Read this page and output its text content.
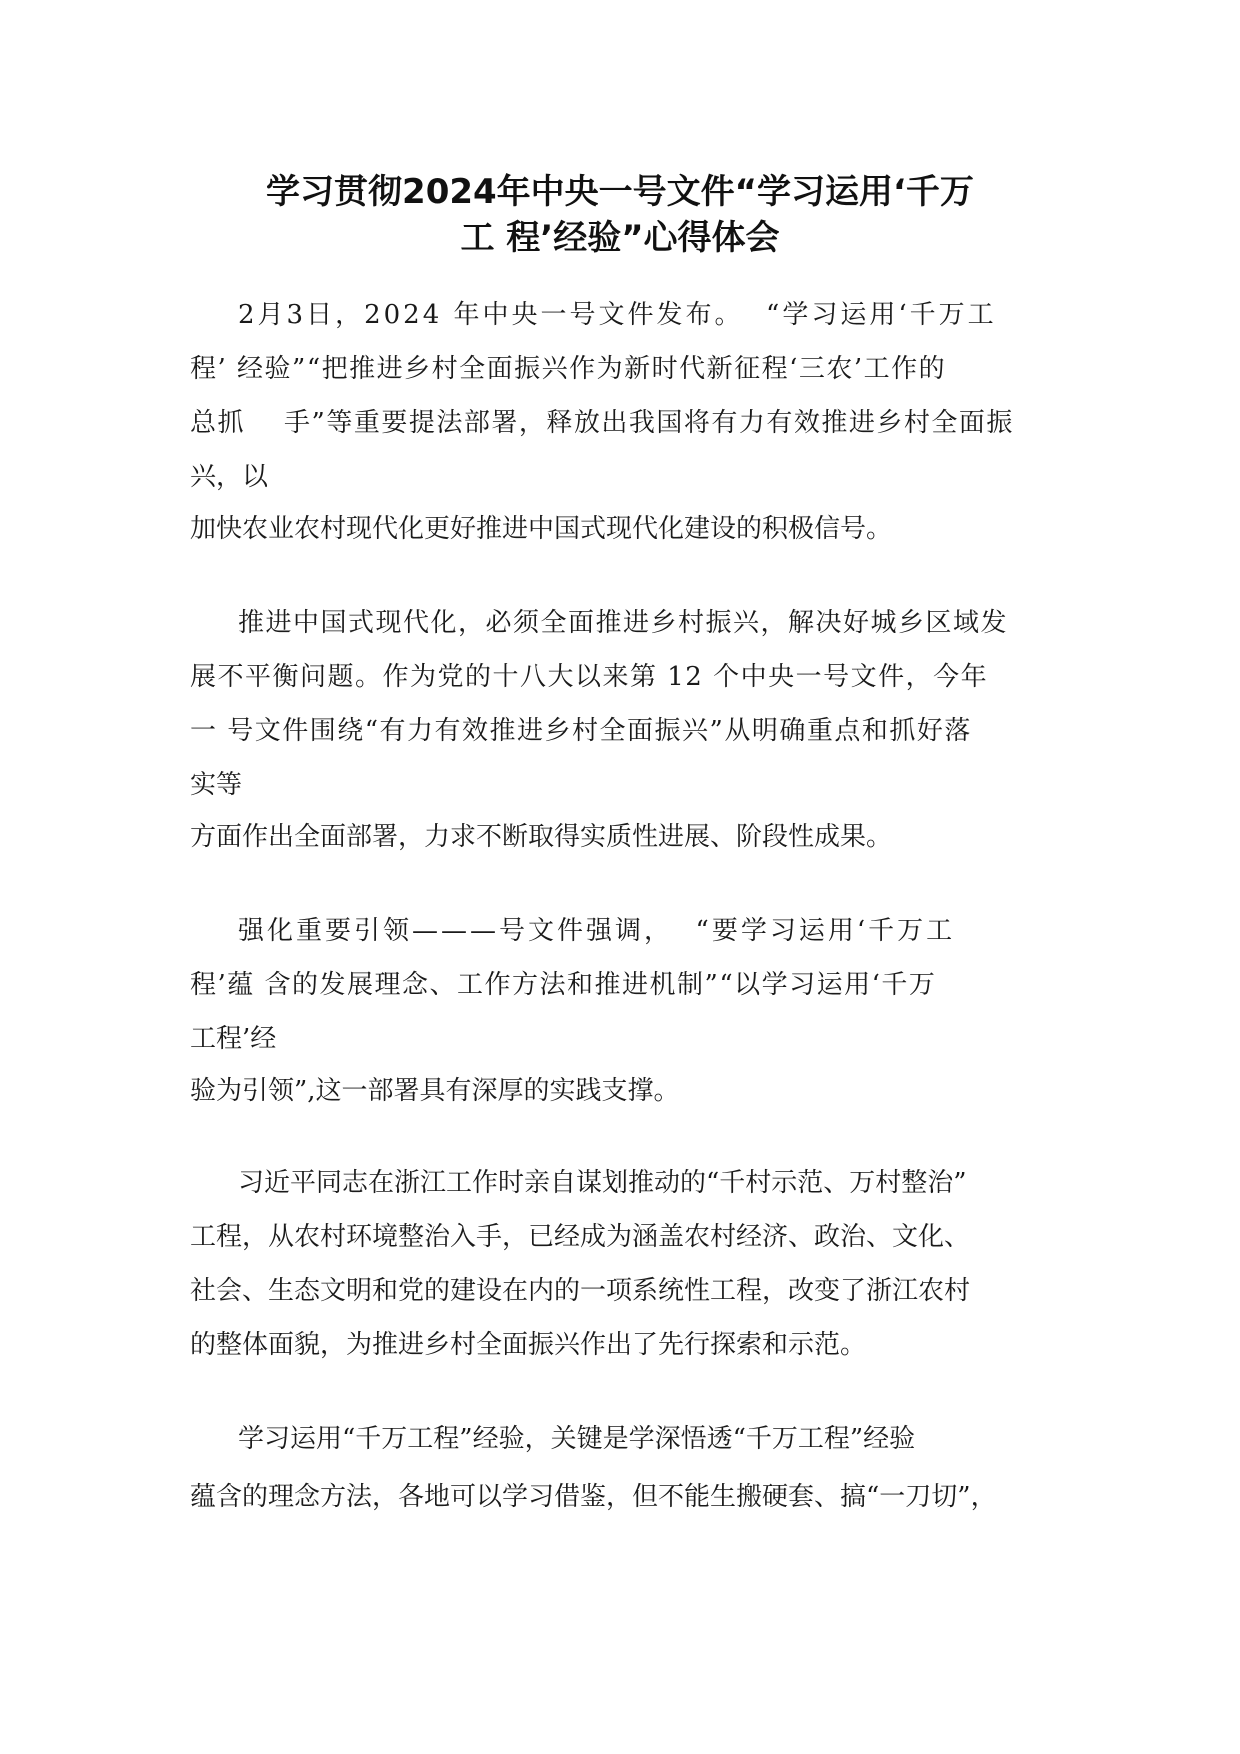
学习贯彻2024年中央一号文件“学习运用‘千万
工 程’经验”心得体会
2月3日，2024 年中央一号文件发布。  “学习运用‘千万工
程’ 经验”“把推进乡村全面振兴作为新时代新征程‘三农’工作的
总抓    手”等重要提法部署，释放出我国将有力有效推进乡村全面振
兴，以
加快农业农村现代化更好推进中国式现代化建设的积极信号。
推进中国式现代化，必须全面推进乡村振兴，解决好城乡区域发
展不平衡问题。作为党的十八大以来第 12 个中央一号文件，今年
一 号文件围绕“有力有效推进乡村全面振兴”从明确重点和抓好落
实等
方面作出全面部署，力求不断取得实质性进展、阶段性成果。
强化重要引领———号文件强调，  “要学习运用‘千万工
程’蕴 含的发展理念、工作方法和推进机制”“以学习运用‘千万
工程’经
验为引领”,这一部署具有深厚的实践支撑。
习近平同志在浙江工作时亲自谋划推动的“千村示范、万村整治”
工程，从农村环境整治入手，已经成为涵盖农村经济、政治、文化、
社会、生态文明和党的建设在内的一项系统性工程，改变了浙江农村
的整体面貌，为推进乡村全面振兴作出了先行探索和示范。
学习运用“千万工程”经验，关键是学深悟透“千万工程”经验
蕴含的理念方法，各地可以学习借鉴，但不能生搬硬套、搞“一刀切”，
